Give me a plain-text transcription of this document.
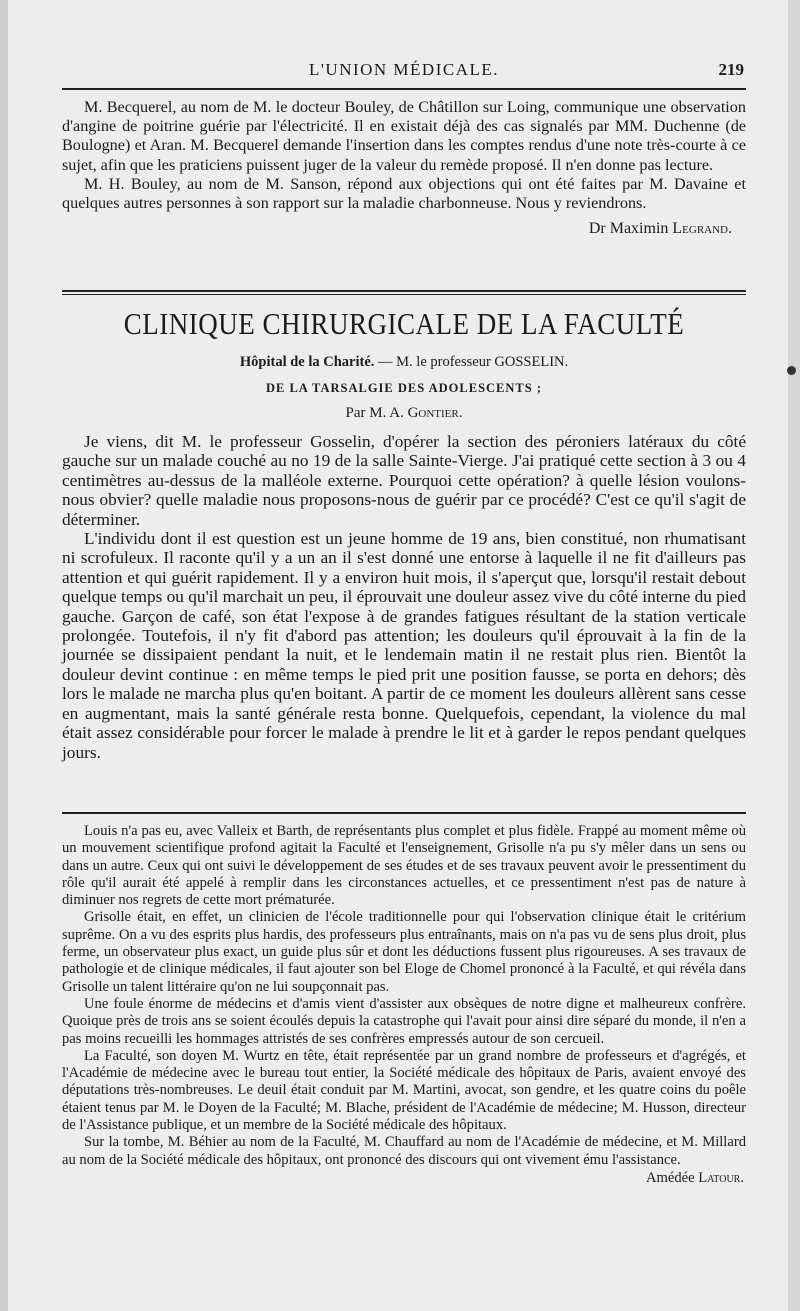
L'UNION MÉDICALE.	219

M. Becquerel, au nom de M. le docteur Bouley, de Châtillon sur Loing, communique une observation d'angine de poitrine guérie par l'électricité. Il en existait déjà des cas signalés par MM. Duchenne (de Boulogne) et Aran. M. Becquerel demande l'insertion dans les comptes rendus d'une note très-courte à ce sujet, afin que les praticiens puissent juger de la valeur du remède proposé. Il n'en donne pas lecture.

M. H. Bouley, au nom de M. Sanson, répond aux objections qui ont été faites par M. Davaine et quelques autres personnes à son rapport sur la maladie charbonneuse. Nous y reviendrons.

Dr Maximin Legrand.
CLINIQUE CHIRURGICALE DE LA FACULTÉ
Hôpital de la Charité. — M. le professeur GOSSELIN.
DE LA TARSALGIE DES ADOLESCENTS ;
Par M. A. Gontier.

Je viens, dit M. le professeur Gosselin, d'opérer la section des péroniers latéraux du côté gauche sur un malade couché au no 19 de la salle Sainte-Vierge. J'ai pratiqué cette section à 3 ou 4 centimètres au-dessus de la malléole externe. Pourquoi cette opération? à quelle lésion voulons-nous obvier? quelle maladie nous proposons-nous de guérir par ce procédé? C'est ce qu'il s'agit de déterminer.

L'individu dont il est question est un jeune homme de 19 ans, bien constitué, non rhumatisant ni scrofuleux. Il raconte qu'il y a un an il s'est donné une entorse à laquelle il ne fit d'ailleurs pas attention et qui guérit rapidement. Il y a environ huit mois, il s'aperçut que, lorsqu'il restait debout quelque temps ou qu'il marchait un peu, il éprouvait une douleur assez vive du côté interne du pied gauche. Garçon de café, son état l'expose à de grandes fatigues résultant de la station verticale prolongée. Toutefois, il n'y fit d'abord pas attention; les douleurs qu'il éprouvait à la fin de la journée se dissipaient pendant la nuit, et le lendemain matin il ne restait plus rien. Bientôt la douleur devint continue : en même temps le pied prit une position fausse, se porta en dehors; dès lors le malade ne marcha plus qu'en boitant. A partir de ce moment les douleurs allèrent sans cesse en augmentant, mais la santé générale resta bonne. Quelquefois, cependant, la violence du mal était assez considérable pour forcer le malade à prendre le lit et à garder le repos pendant quelques jours.

Louis n'a pas eu, avec Valleix et Barth, de représentants plus complet et plus fidèle. Frappé au moment même où un mouvement scientifique profond agitait la Faculté et l'enseignement, Grisolle n'a pu s'y mêler dans un sens ou dans un autre. Ceux qui ont suivi le développement de ses études et de ses travaux peuvent avoir le pressentiment du rôle qu'il aurait été appelé à remplir dans les circonstances actuelles, et ce pressentiment n'est pas de nature à diminuer nos regrets de cette mort prématurée.

Grisolle était, en effet, un clinicien de l'école traditionnelle pour qui l'observation clinique était le critérium suprême. On a vu des esprits plus hardis, des professeurs plus entraînants, mais on n'a pas vu de sens plus droit, plus ferme, un observateur plus exact, un guide plus sûr et dont les déductions fussent plus rigoureuses. A ses travaux de pathologie et de clinique médicales, il faut ajouter son bel Eloge de Chomel prononcé à la Faculté, et qui révéla dans Grisolle un talent littéraire qu'on ne lui soupçonnait pas.

Une foule énorme de médecins et d'amis vient d'assister aux obsèques de notre digne et malheureux confrère. Quoique près de trois ans se soient écoulés depuis la catastrophe qui l'avait pour ainsi dire séparé du monde, il n'en a pas moins recueilli les hommages attristés de ses confrères empressés autour de son cercueil.

La Faculté, son doyen M. Wurtz en tête, était représentée par un grand nombre de professeurs et d'agrégés, et l'Académie de médecine avec le bureau tout entier, la Société médicale des hôpitaux de Paris, avaient envoyé des députations très-nombreuses. Le deuil était conduit par M. Martini, avocat, son gendre, et les quatre coins du poêle étaient tenus par M. le Doyen de la Faculté; M. Blache, président de l'Académie de médecine; M. Husson, directeur de l'Assistance publique, et un membre de la Société médicale des hôpitaux.

Sur la tombe, M. Béhier au nom de la Faculté, M. Chauffard au nom de l'Académie de médecine, et M. Millard au nom de la Société médicale des hôpitaux, ont prononcé des discours qui ont vivement ému l'assistance.

Amédée Latour.
